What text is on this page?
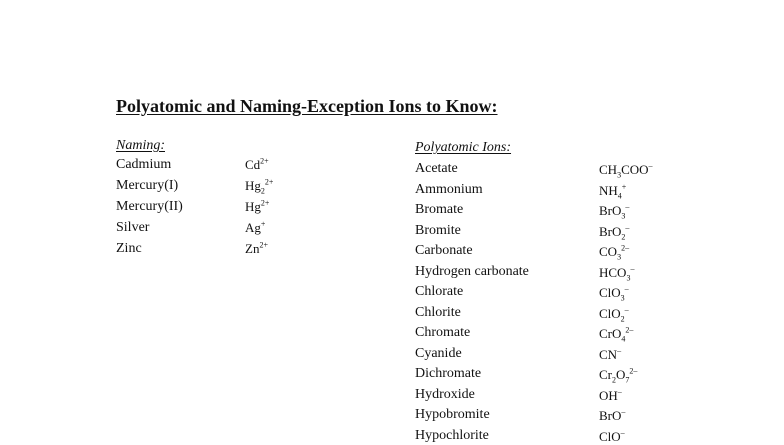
Polyatomic and Naming-Exception Ions to Know:
Naming:
Cadmium	$Cd^{2+}$
Mercury(I)	$Hg_2^{2+}$
Mercury(II)	$Hg^{2+}$
Silver	Ag+
Zinc	$Zn^{2+}$
Polyatomic Ions:
Acetate	$CH_3COO^-$
Ammonium	$NH_4^+$
Bromate	BrO$_3$–
Bromite	BrO$_2$–
Carbonate	$CO_3^{2-}$
Hydrogen carbonate	$HCO_3^-$
Chlorate	ClO$_3$–
Chlorite	ClO$_2$–
Chromate	CrO$_4^{2-}$
Cyanide	CN–
Dichromate	$Cr_2O_7^{2-}$
Hydroxide	OH–
Hypobromite	BrO–
Hypochlorite	ClO–
